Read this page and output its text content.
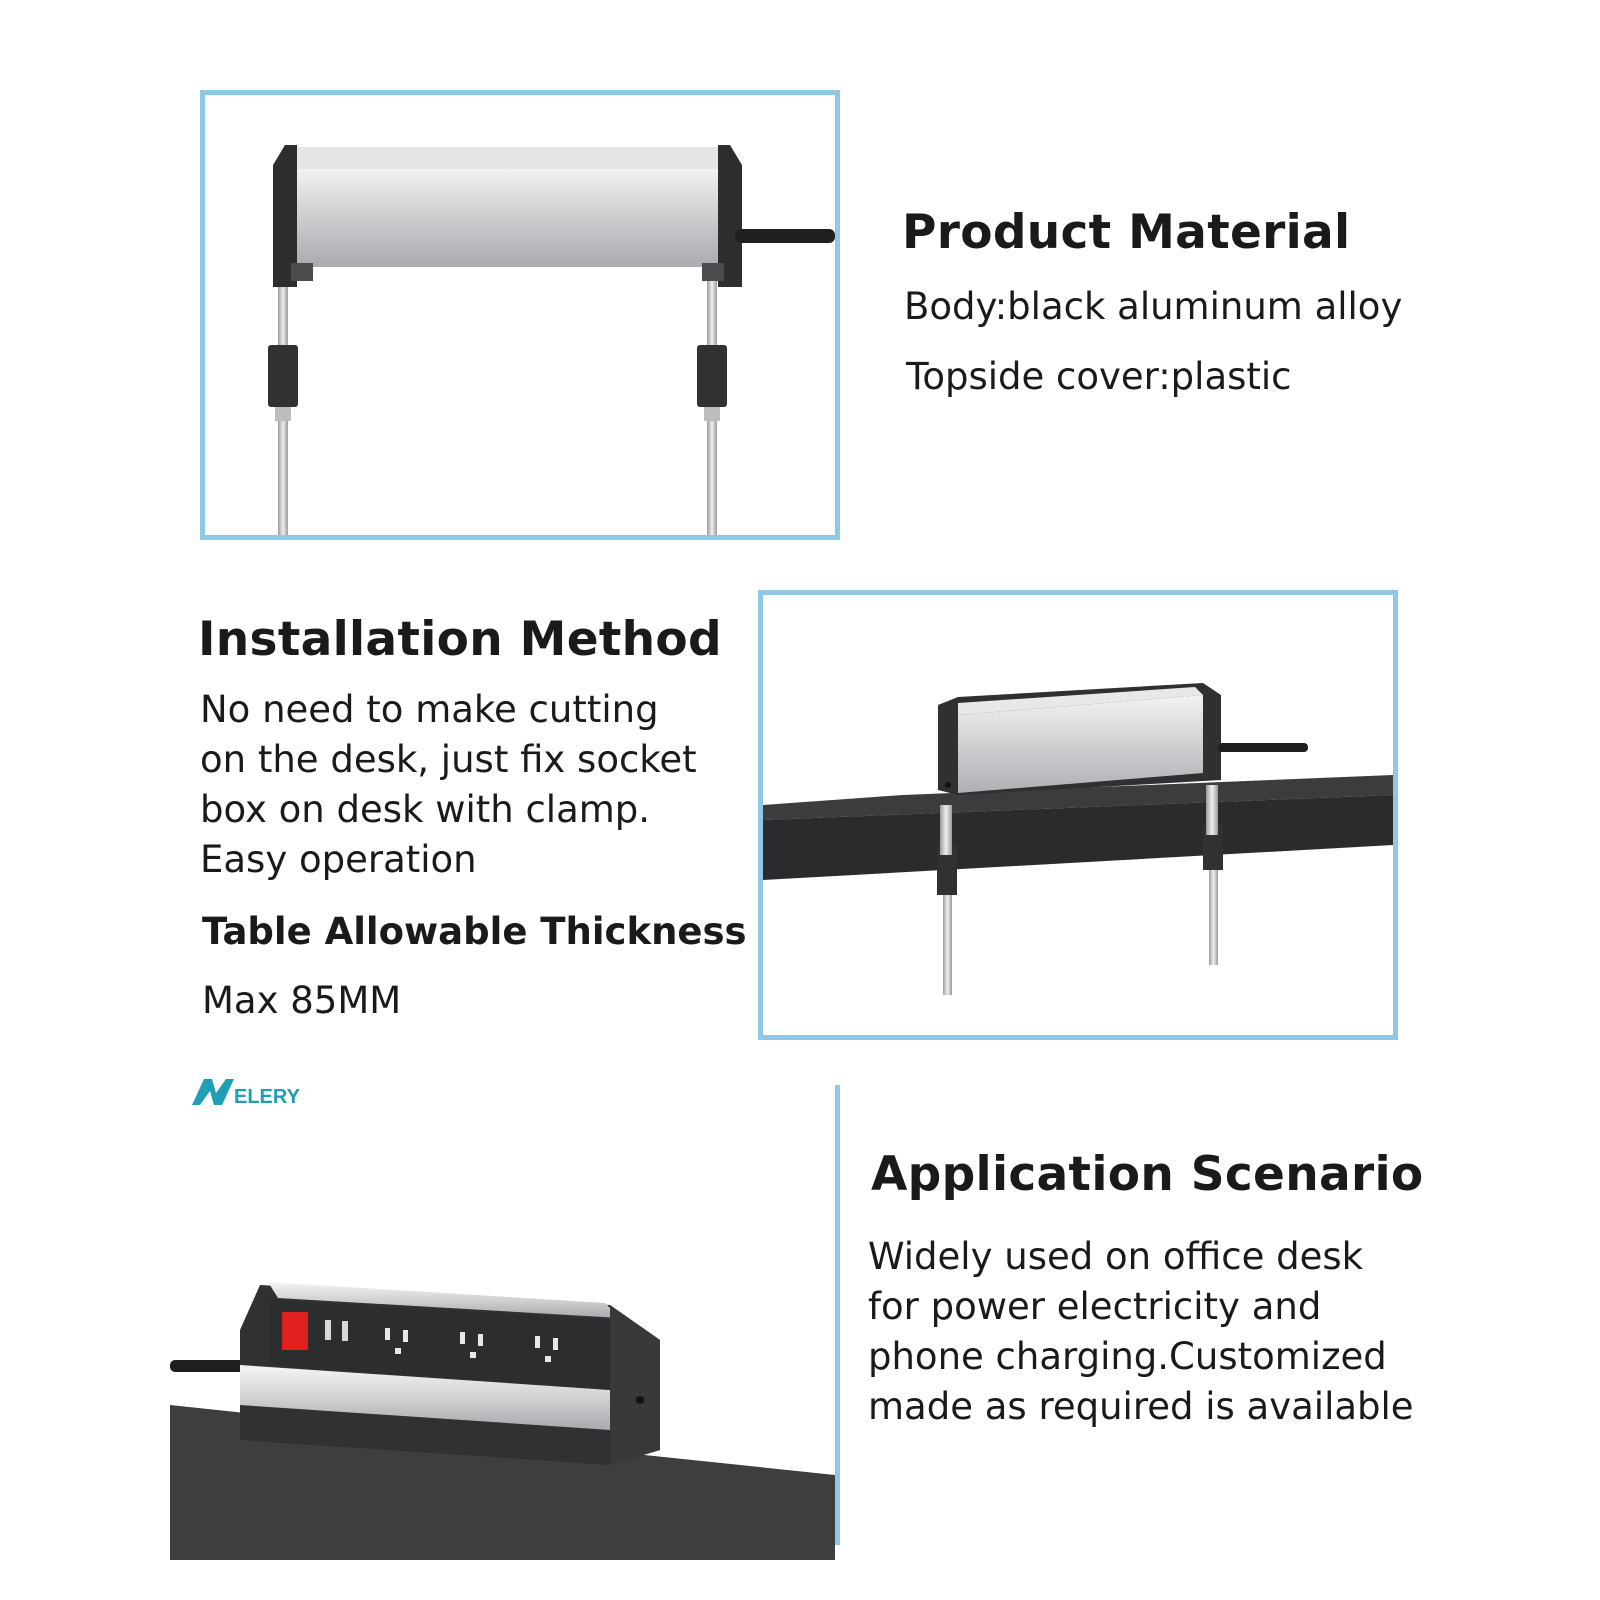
Product Material
Body:black aluminum alloy
Topside cover:plastic
Installation Method
No need to make cutting
on the desk, just fix socket
box on desk with clamp.
Easy operation
Table Allowable Thickness
Max 85MM
ELERY
Application Scenario
Widely used on office desk
for power electricity and
phone charging.Customized
made as required is available
